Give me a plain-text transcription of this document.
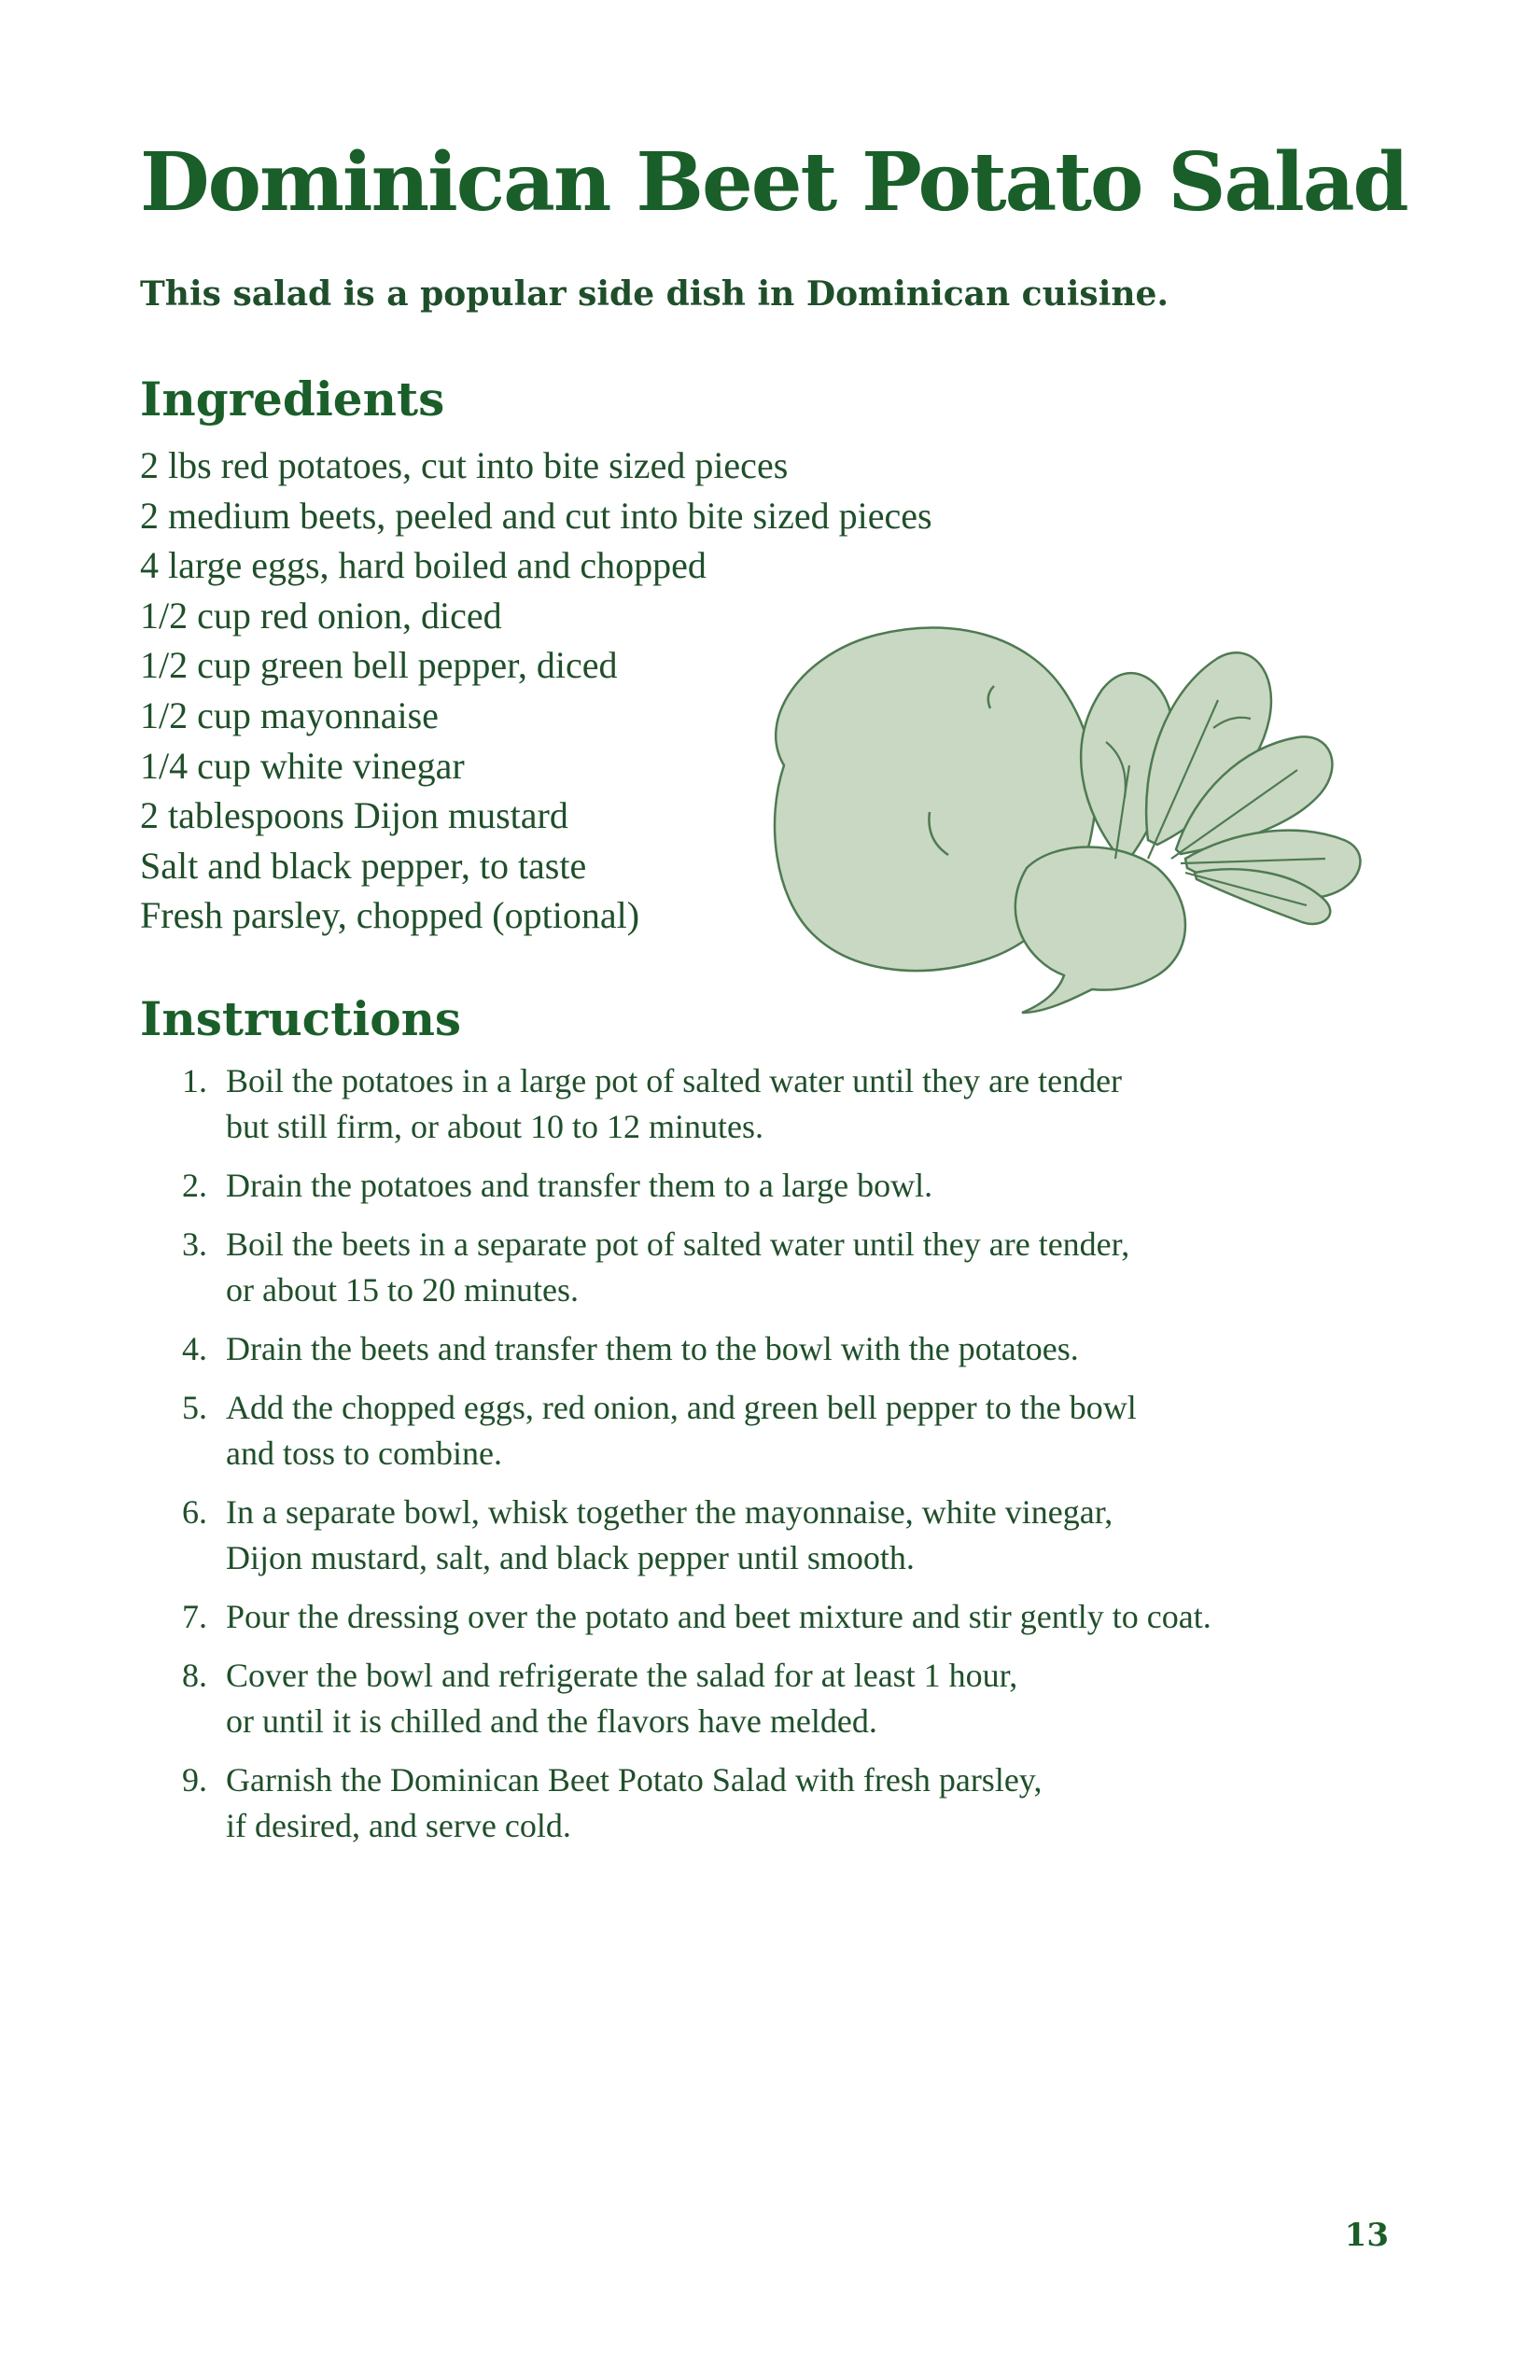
Dominican Beet Potato Salad

This salad is a popular side dish in Dominican cuisine.

Ingredients
2 lbs red potatoes, cut into bite sized pieces
2 medium beets, peeled and cut into bite sized pieces
4 large eggs, hard boiled and chopped
1/2 cup red onion, diced
1/2 cup green bell pepper, diced
1/2 cup mayonnaise
1/4 cup white vinegar
2 tablespoons Dijon mustard
Salt and black pepper, to taste
Fresh parsley, chopped (optional)
Instructions
1. Boil the potatoes in a large pot of salted water until they are tender
but still firm, or about 10 to 12 minutes.
2. Drain the potatoes and transfer them to a large bowl.
3. Boil the beets in a separate pot of salted water until they are tender,
or about 15 to 20 minutes.
4. Drain the beets and transfer them to the bowl with the potatoes.
5. Add the chopped eggs, red onion, and green bell pepper to the bowl
and toss to combine.
6. In a separate bowl, whisk together the mayonnaise, white vinegar,
Dijon mustard, salt, and black pepper until smooth.
7. Pour the dressing over the potato and beet mixture and stir gently to coat.
8. Cover the bowl and refrigerate the salad for at least 1 hour,
or until it is chilled and the flavors have melded.
9. Garnish the Dominican Beet Potato Salad with fresh parsley,
if desired, and serve cold.
13
